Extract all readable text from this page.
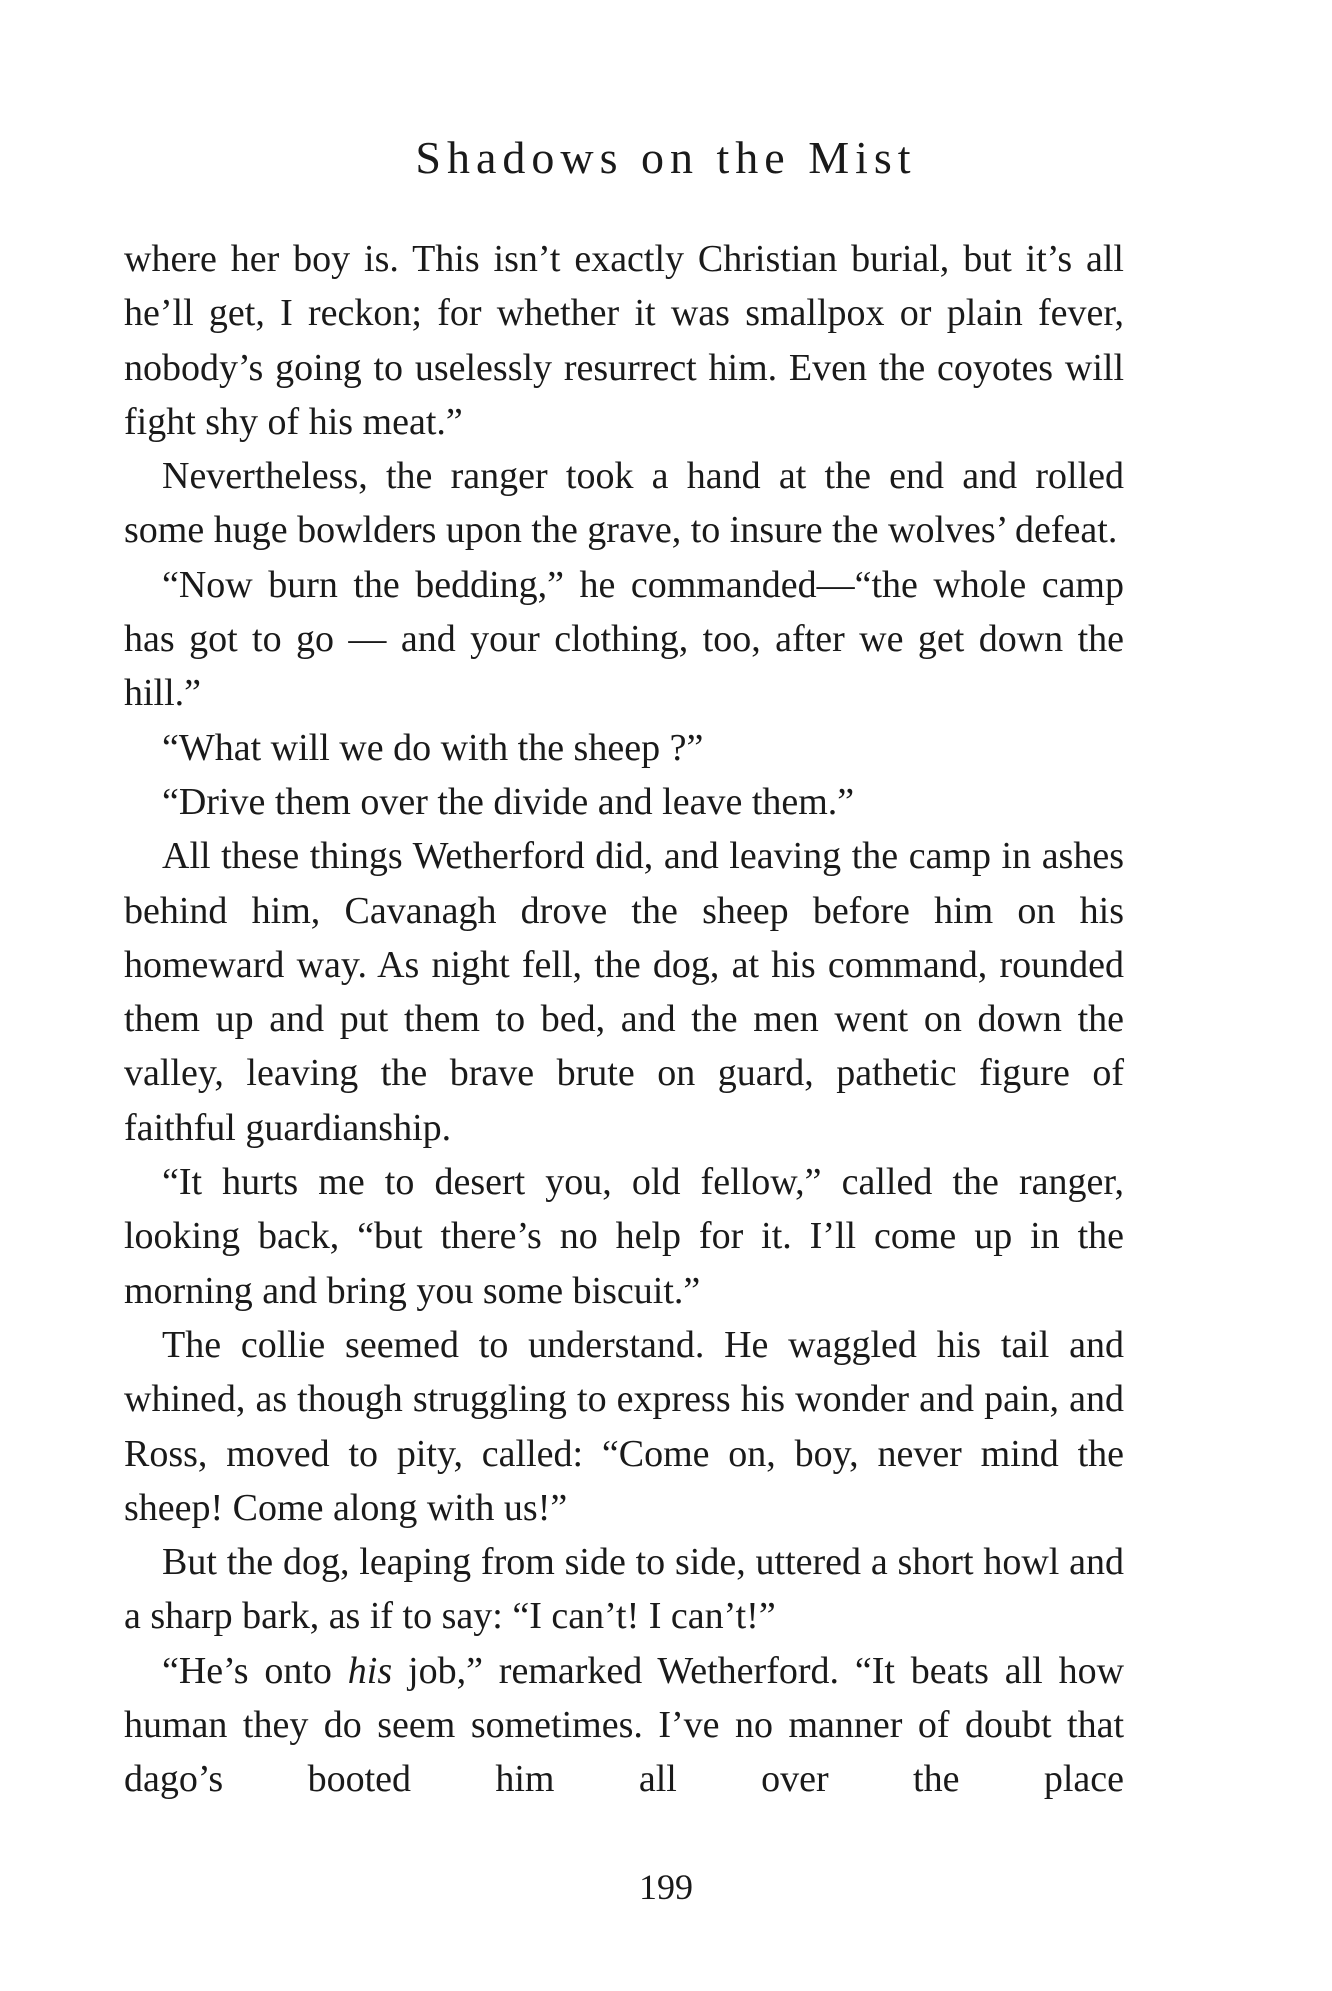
Shadows on the Mist

where her boy is. This isn’t exactly Christian burial, but it’s all he’ll get, I reckon; for whether it was smallpox or plain fever, nobody’s going to uselessly resurrect him. Even the coyotes will fight shy of his meat.”

Nevertheless, the ranger took a hand at the end and rolled some huge bowlders upon the grave, to insure the wolves’ defeat.

“Now burn the bedding,” he commanded—“the whole camp has got to go — and your clothing, too, after we get down the hill.”

“What will we do with the sheep ?”

“Drive them over the divide and leave them.”

All these things Wetherford did, and leaving the camp in ashes behind him, Cavanagh drove the sheep before him on his homeward way. As night fell, the dog, at his command, rounded them up and put them to bed, and the men went on down the valley, leaving the brave brute on guard, pathetic figure of faithful guardianship.

“It hurts me to desert you, old fellow,” called the ranger, looking back, “but there’s no help for it. I’ll come up in the morning and bring you some biscuit.”

The collie seemed to understand. He waggled his tail and whined, as though struggling to express his wonder and pain, and Ross, moved to pity, called: “Come on, boy, never mind the sheep! Come along with us!”

But the dog, leaping from side to side, uttered a short howl and a sharp bark, as if to say: “I can’t! I can’t!”

“He’s onto his job,” remarked Wetherford. “It beats all how human they do seem sometimes. I’ve no manner of doubt that dago’s booted him all over the place

199
